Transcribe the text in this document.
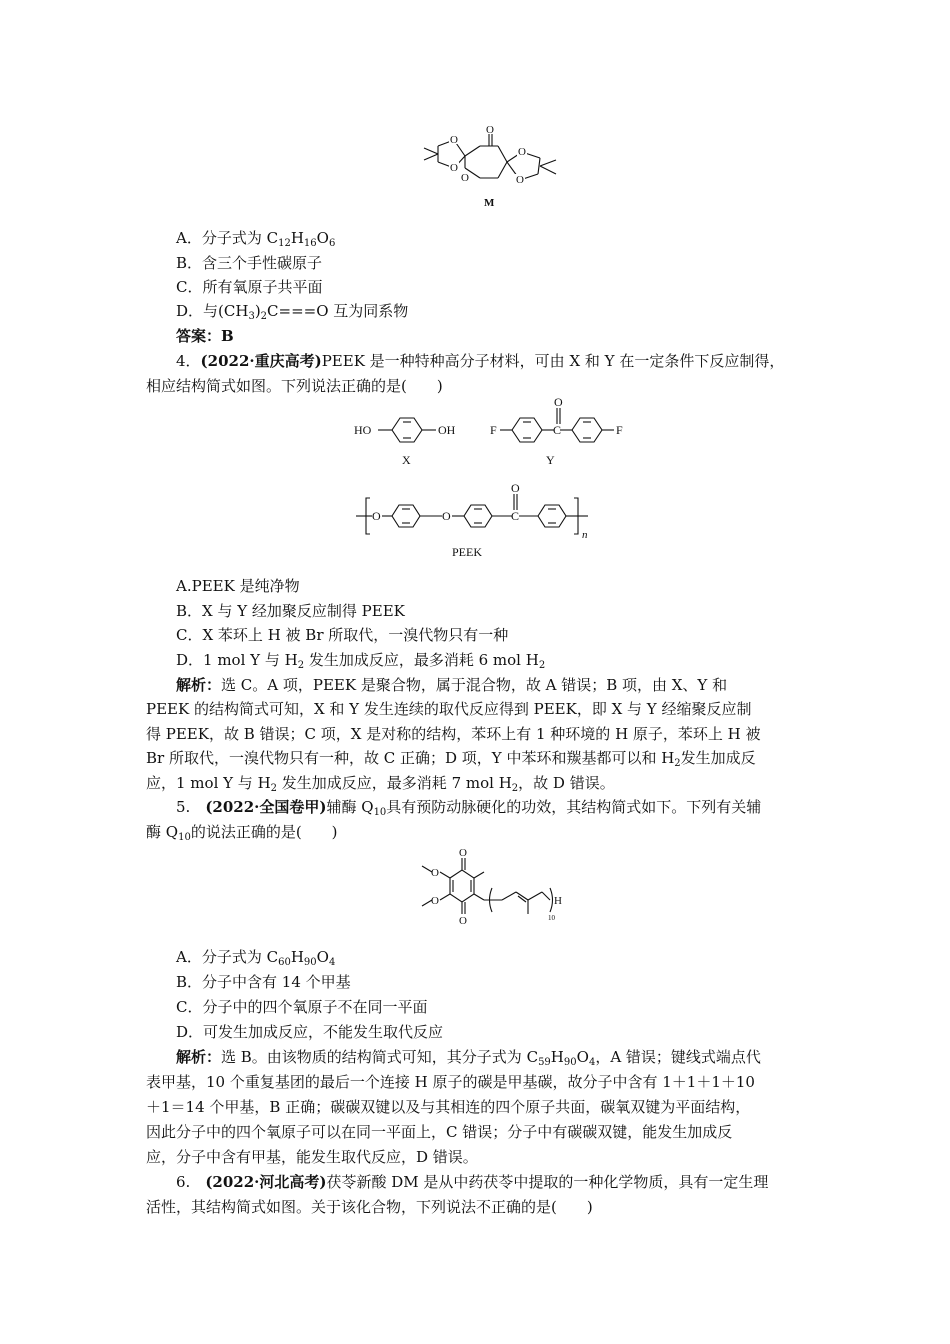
O
O
O
O
O
O
M
A．分子式为 $C_{12}H_{16}O_6$
B．含三个手性碳原子
C．所有氧原子共平面
D．与$(CH_3)_2C===O$ 互为同系物
答案：B
4．(2022·重庆高考)PEEK 是一种特种高分子材料，可由 X 和 Y 在一定条件下反应制得，
相应结构简式如图。下列说法正确的是(　　)
HO	OH
X
F	C
O
F
Y
O	O	C
O
n
PEEK
A.PEEK 是纯净物
B．X 与 Y 经加聚反应制得 PEEK
C．X 苯环上 H 被 Br 所取代，一溴代物只有一种
D．1 mol Y 与 $H_2$ 发生加成反应，最多消耗 6 mol $H_2$
解析：选 C。A 项，PEEK 是聚合物，属于混合物，故 A 错误；B 项，由 X、Y 和
PEEK 的结构简式可知，X 和 Y 发生连续的取代反应得到 PEEK，即 X 与 Y 经缩聚反应制
得 PEEK，故 B 错误；C 项，X 是对称的结构，苯环上有 1 种环境的 H 原子，苯环上 H 被
Br 所取代，一溴代物只有一种，故 C 正确；D 项，Y 中苯环和羰基都可以和 $H_2$发生加成反
应，1 mol Y 与 $H_2$ 发生加成反应，最多消耗 7 mol $H_2$，故 D 错误。
5.　(2022·全国卷甲)辅酶 $Q_{10}$具有预防动脉硬化的功效，其结构简式如下。下列有关辅
酶 $Q_{10}$的说法正确的是(　　)
O
O
O
O	H
10
A．分子式为 $C_{60}H_{90}O_4$
B．分子中含有 14 个甲基
C．分子中的四个氧原子不在同一平面
D．可发生加成反应，不能发生取代反应
解析：选 B。由该物质的结构简式可知，其分子式为 $C_{59}H_{90}O_4$，A 错误；键线式端点代
表甲基，10 个重复基团的最后一个连接 H 原子的碳是甲基碳，故分子中含有 1＋1＋1＋10
＋1＝14 个甲基，B 正确；碳碳双键以及与其相连的四个原子共面，碳氧双键为平面结构，
因此分子中的四个氧原子可以在同一平面上，C 错误；分子中有碳碳双键，能发生加成反
应，分子中含有甲基，能发生取代反应，D 错误。
6.　(2022·河北高考)茯苓新酸 DM 是从中药茯苓中提取的一种化学物质，具有一定生理
活性，其结构简式如图。关于该化合物，下列说法不正确的是(　　)
